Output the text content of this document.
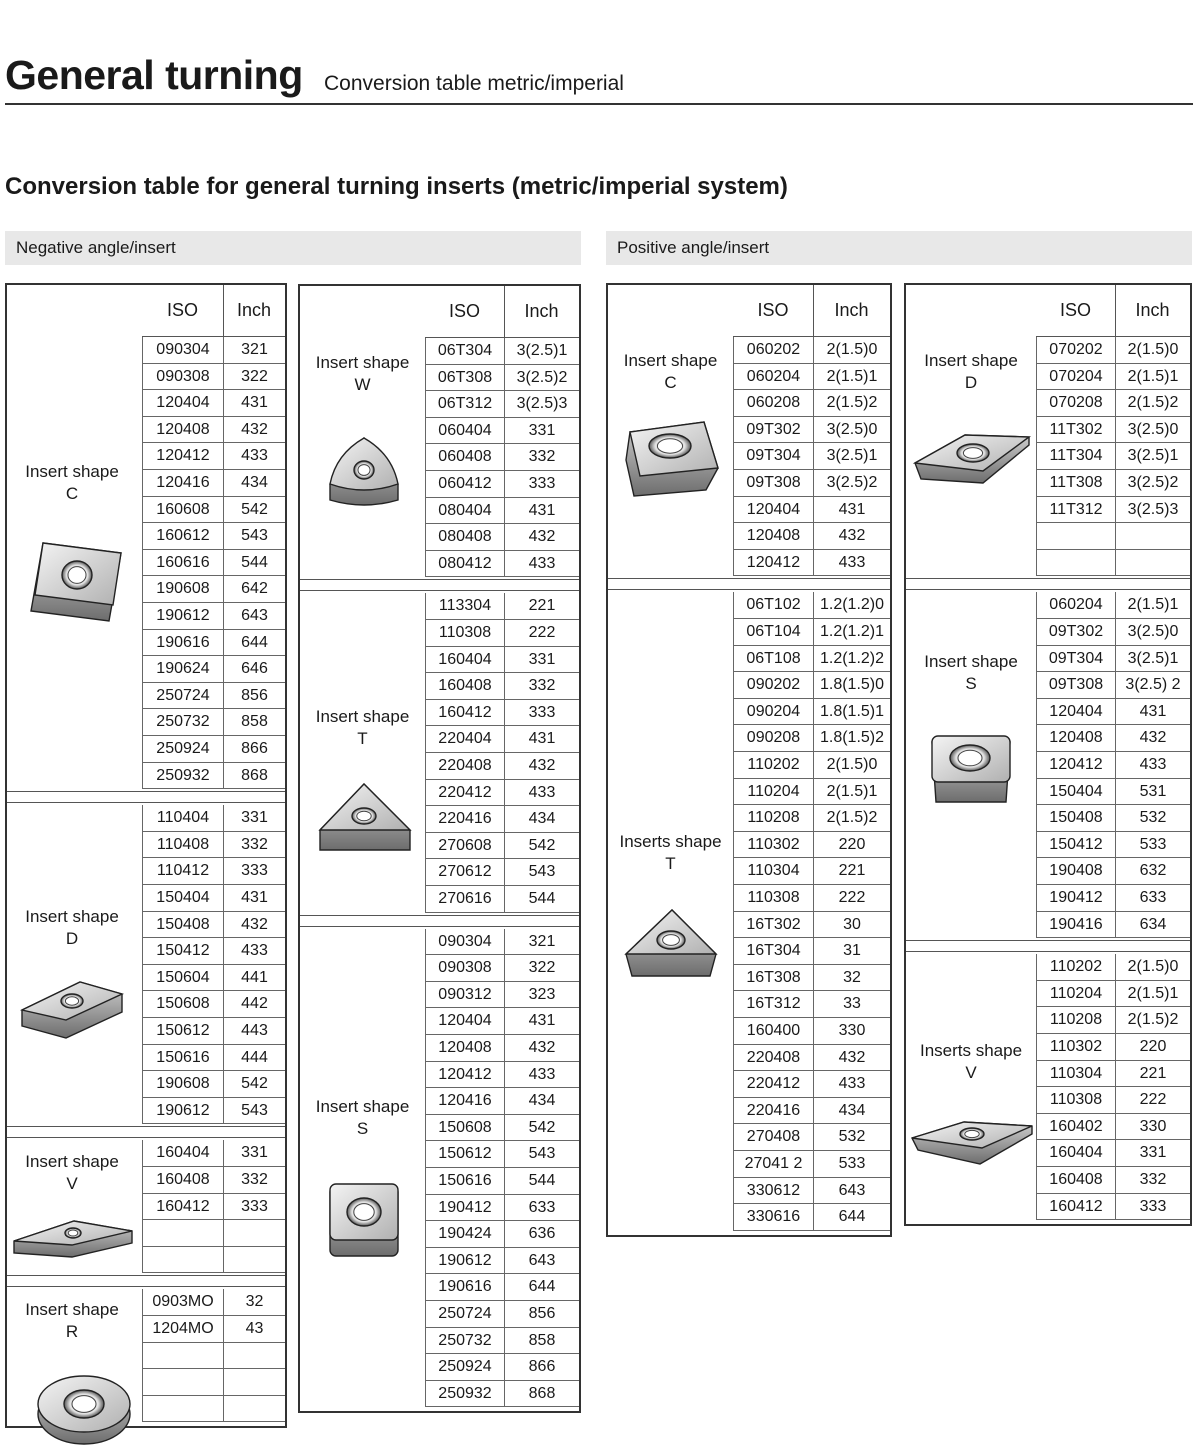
General turning Conversion table metric/imperial
Conversion table for general turning inserts (metric/imperial system)
Negative angle/insert	Positive angle/insert
ISO	Inch
Insert shape
C
090304	321
090308	322
120404	431
120408	432
120412	433
120416	434
160608	542
160612	543
160616	544
190608	642
190612	643
190616	644
190624	646
250724	856
250732	858
250924	866
250932	868
Insert shape
D
110404	331
110408	332
110412	333
150404	431
150408	432
150412	433
150604	441
150608	442
150612	443
150616	444
190608	542
190612	543
Insert shape
V
160404	331
160408	332
160412	333
Insert shape
R
0903MO	32
1204MO	43
ISO	Inch
Insert shape
W
06T304	3(2.5)1
06T308	3(2.5)2
06T312	3(2.5)3
060404	331
060408	332
060412	333
080404	431
080408	432
080412	433
Insert shape
T
113304	221
110308	222
160404	331
160408	332
160412	333
220404	431
220408	432
220412	433
220416	434
270608	542
270612	543
270616	544
Insert shape
S
090304	321
090308	322
090312	323
120404	431
120408	432
120412	433
120416	434
150608	542
150612	543
150616	544
190412	633
190424	636
190612	643
190616	644
250724	856
250732	858
250924	866
250932	868
ISO	Inch
Insert shape
C
060202	2(1.5)0
060204	2(1.5)1
060208	2(1.5)2
09T302	3(2.5)0
09T304	3(2.5)1
09T308	3(2.5)2
120404	431
120408	432
120412	433
Inserts shape
T
06T102	1.2(1.2)0
06T104	1.2(1.2)1
06T108	1.2(1.2)2
090202	1.8(1.5)0
090204	1.8(1.5)1
090208	1.8(1.5)2
110202	2(1.5)0
110204	2(1.5)1
110208	2(1.5)2
110302	220
110304	221
110308	222
16T302	30
16T304	31
16T308	32
16T312	33
160400	330
220408	432
220412	433
220416	434
270408	532
27041 2	533
330612	643
330616	644
ISO	Inch
Insert shape
D
070202	2(1.5)0
070204	2(1.5)1
070208	2(1.5)2
11T302	3(2.5)0
11T304	3(2.5)1
11T308	3(2.5)2
11T312	3(2.5)3
Insert shape
S
060204	2(1.5)1
09T302	3(2.5)0
09T304	3(2.5)1
09T308	3(2.5) 2
120404	431
120408	432
120412	433
150404	531
150408	532
150412	533
190408	632
190412	633
190416	634
Inserts shape
V
110202	2(1.5)0
110204	2(1.5)1
110208	2(1.5)2
110302	220
110304	221
110308	222
160402	330
160404	331
160408	332
160412	333
